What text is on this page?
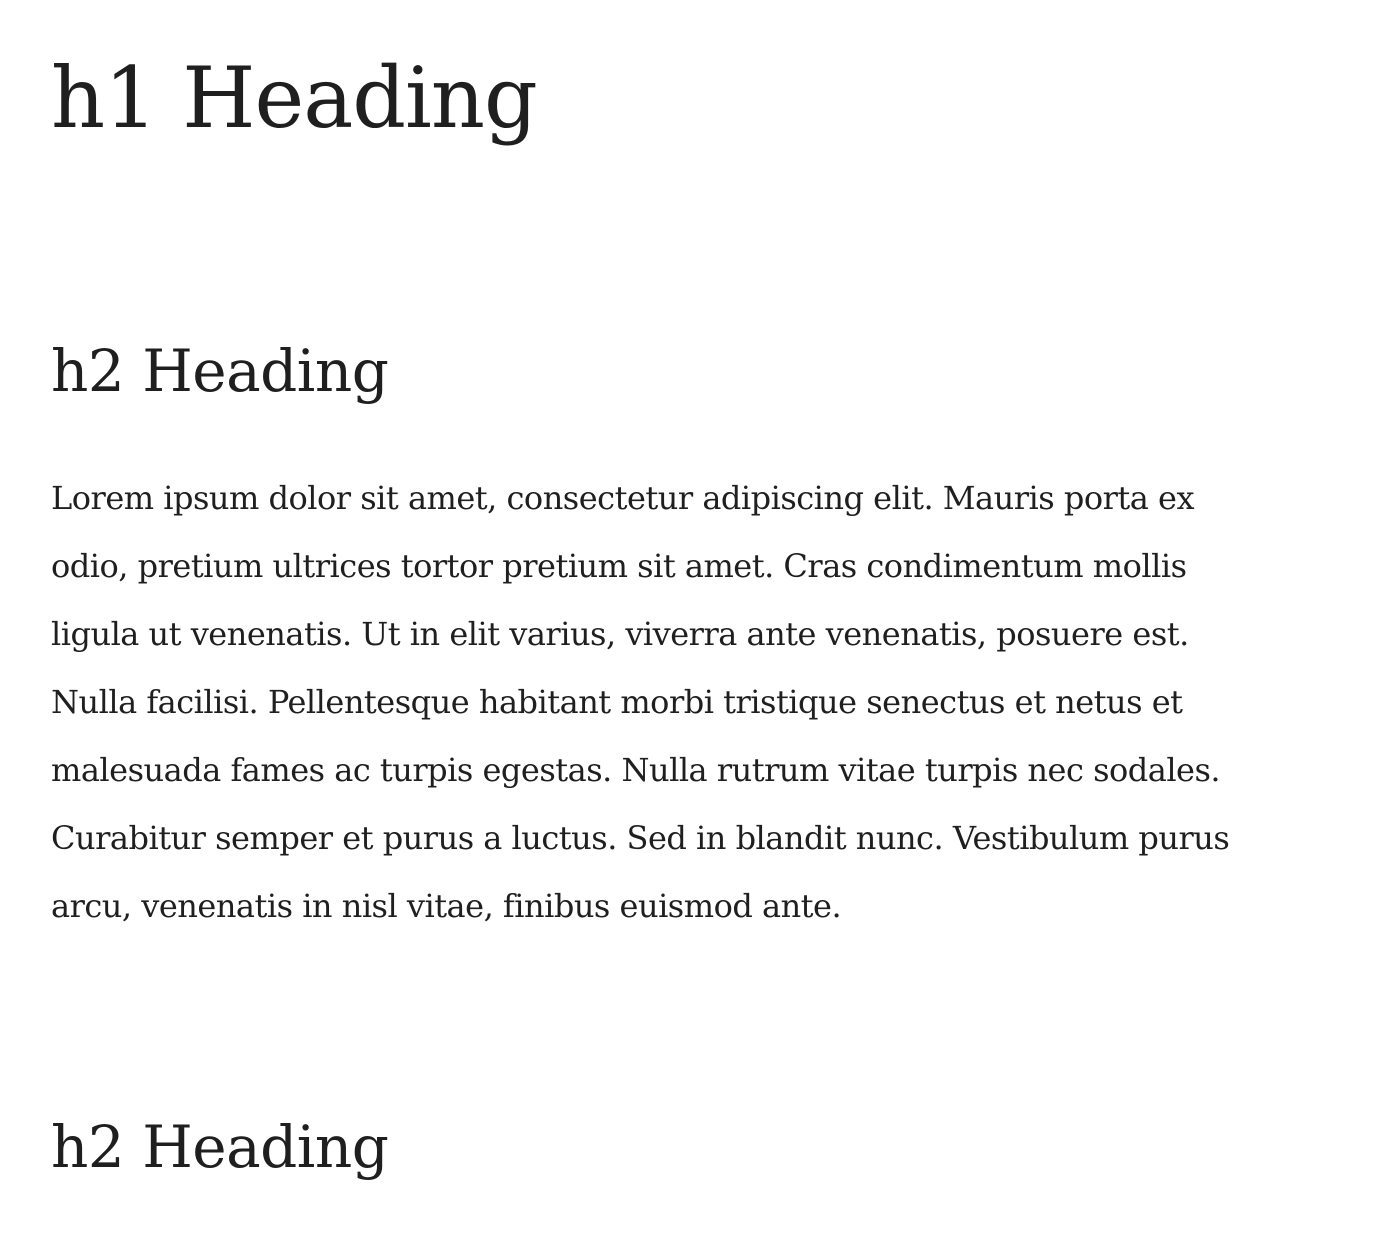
h1 Heading
h2 Heading

Lorem ipsum dolor sit amet, consectetur adipiscing elit. Mauris porta ex
odio, pretium ultrices tortor pretium sit amet. Cras condimentum mollis
ligula ut venenatis. Ut in elit varius, viverra ante venenatis, posuere est.
Nulla facilisi. Pellentesque habitant morbi tristique senectus et netus et
malesuada fames ac turpis egestas. Nulla rutrum vitae turpis nec sodales.
Curabitur semper et purus a luctus. Sed in blandit nunc. Vestibulum purus
arcu, venenatis in nisl vitae, finibus euismod ante.

h2 Heading
